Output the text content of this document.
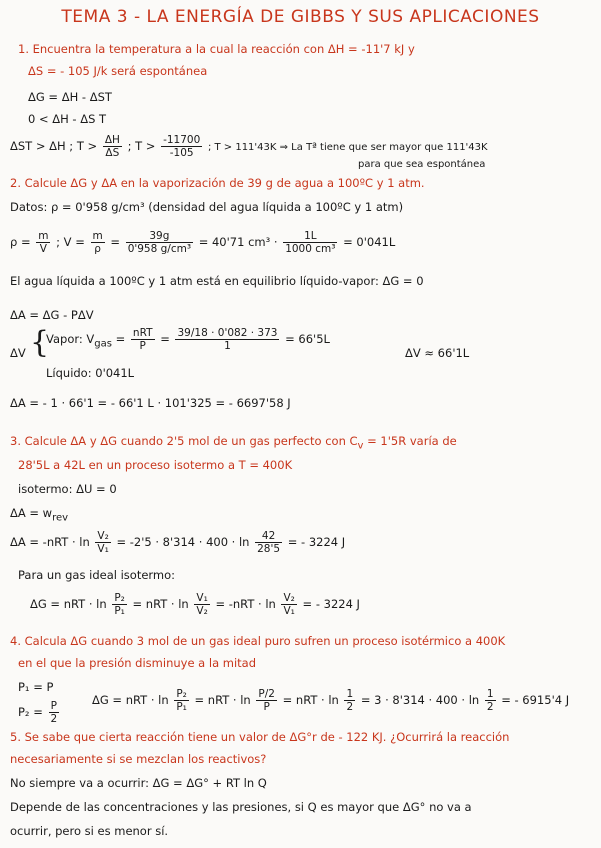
TEMA 3 - LA ENERGÍA DE GIBBS Y SUS APLICACIONES
1. Encuentra la temperatura a la cual la reacción con ΔH = -11'7 kJ y
ΔS = - 105 J/k será espontánea
ΔG = ΔH - ΔST
0 < ΔH - ΔS T
ΔST > ΔH ; $T > \frac{\Delta H}{\Delta S}$ ; $T > \frac{-11700}{-105}$ ; T > 111'43K ⇒ La Tª tiene que ser mayor que 111'43K
para que sea espontánea
2. Calcule ΔG y ΔA en la vaporización de 39 g de agua a 100ºC y 1 atm.
Datos: ρ = 0'958 g/cm³ (densidad del agua líquida a 100ºC y 1 atm)
$\rho = \frac{m}{V}$ ; $V = \frac{m}{\rho} = \frac{39g}{\text{0'958 g/cm³}} = 40'71$ $cm^3 \cdot \frac{1L}{\text{1000 cm³}} = 0'041L$
El agua líquida a 100ºC y 1 atm está en equilibrio líquido-vapor: ΔG = 0
ΔA = ΔG - PΔV
ΔV {
Vapor: $V_{gas} = \frac{\text{nRT}}{P} = \frac{39/18 \cdot 0'082 \cdot 373}{1} = 66'5L$
ΔV ≈ 66'1L
Líquido: 0'041L
ΔA = - 1 · 66'1 = - 66'1 L · 101'325 = - 6697'58 J
3. Calcule ΔA y ΔG cuando 2'5 mol de un gas perfecto con $C_v = 1'5R$ varía de
28'5L a 42L en un proceso isotermo a T = 400K
isotermo: ΔU = 0
$\Delta A = w_{rev}$
$\Delta A = -nRT \cdot \ln \frac{\text{V₂}}{\text{V₁}} = -2'5 \cdot 8'314 \cdot 400 \cdot \ln \frac{42}{28'5}$ = - 3224 J
Para un gas ideal isotermo:
ΔG = nRT · $\ln \frac{\text{P₂}}{\text{P₁}}$ = nRT · $\ln \frac{\text{V₁}}{\text{V₂}} = -nRT \cdot \ln \frac{\text{V₂}}{\text{V₁}}$ = - 3224 J
4. Calcula ΔG cuando 3 mol de un gas ideal puro sufren un proceso isotérmico a 400K
en el que la presión disminuye a la mitad
P₁ = P
$P_2 = \frac{P}{2}$	ΔG = nRT · $\ln \frac{\text{P₂}}{\text{P₁}}$ = nRT · $\ln \frac{P/2}{P}$ = nRT · $\ln \frac{1}{2} = 3 \cdot 8'314 \cdot 400 \cdot \ln \frac{1}{2}$ = - 6915'4 J
5. Se sabe que cierta reacción tiene un valor de ΔG°r de - 122 KJ. ¿Ocurrirá la reacción
necesariamente si se mezclan los reactivos?
No siempre va a ocurrir: ΔG = ΔG° + RT ln Q
Depende de las concentraciones y las presiones, si Q es mayor que ΔG° no va a
ocurrir, pero si es menor sí.
